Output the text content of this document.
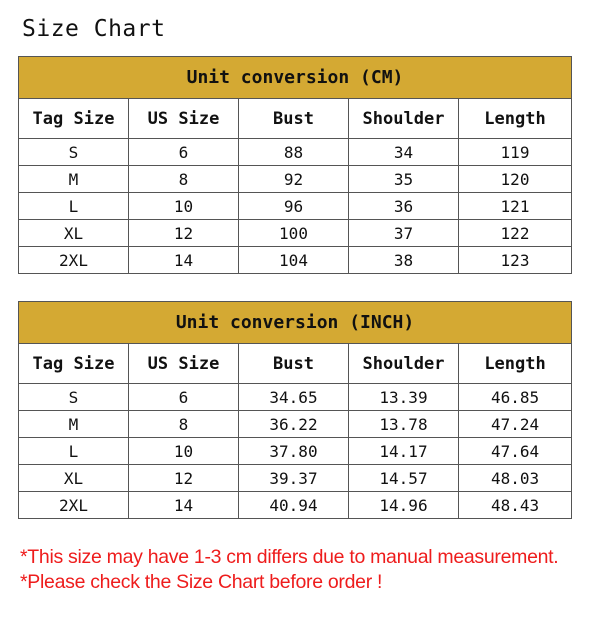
Size Chart
Unit conversion (CM)				
Tag Size	US Size	Bust	Shoulder	Length
S	6	88	34	119
M	8	92	35	120
L	10	96	36	121
XL	12	100	37	122
2XL	14	104	38	123
Unit conversion (INCH)				
Tag Size	US Size	Bust	Shoulder	Length
S	6	34.65	13.39	46.85
M	8	36.22	13.78	47.24
L	10	37.80	14.17	47.64
XL	12	39.37	14.57	48.03
2XL	14	40.94	14.96	48.43
*This size may have 1-3 cm differs due to manual measurement.
*Please check the Size Chart before order !
